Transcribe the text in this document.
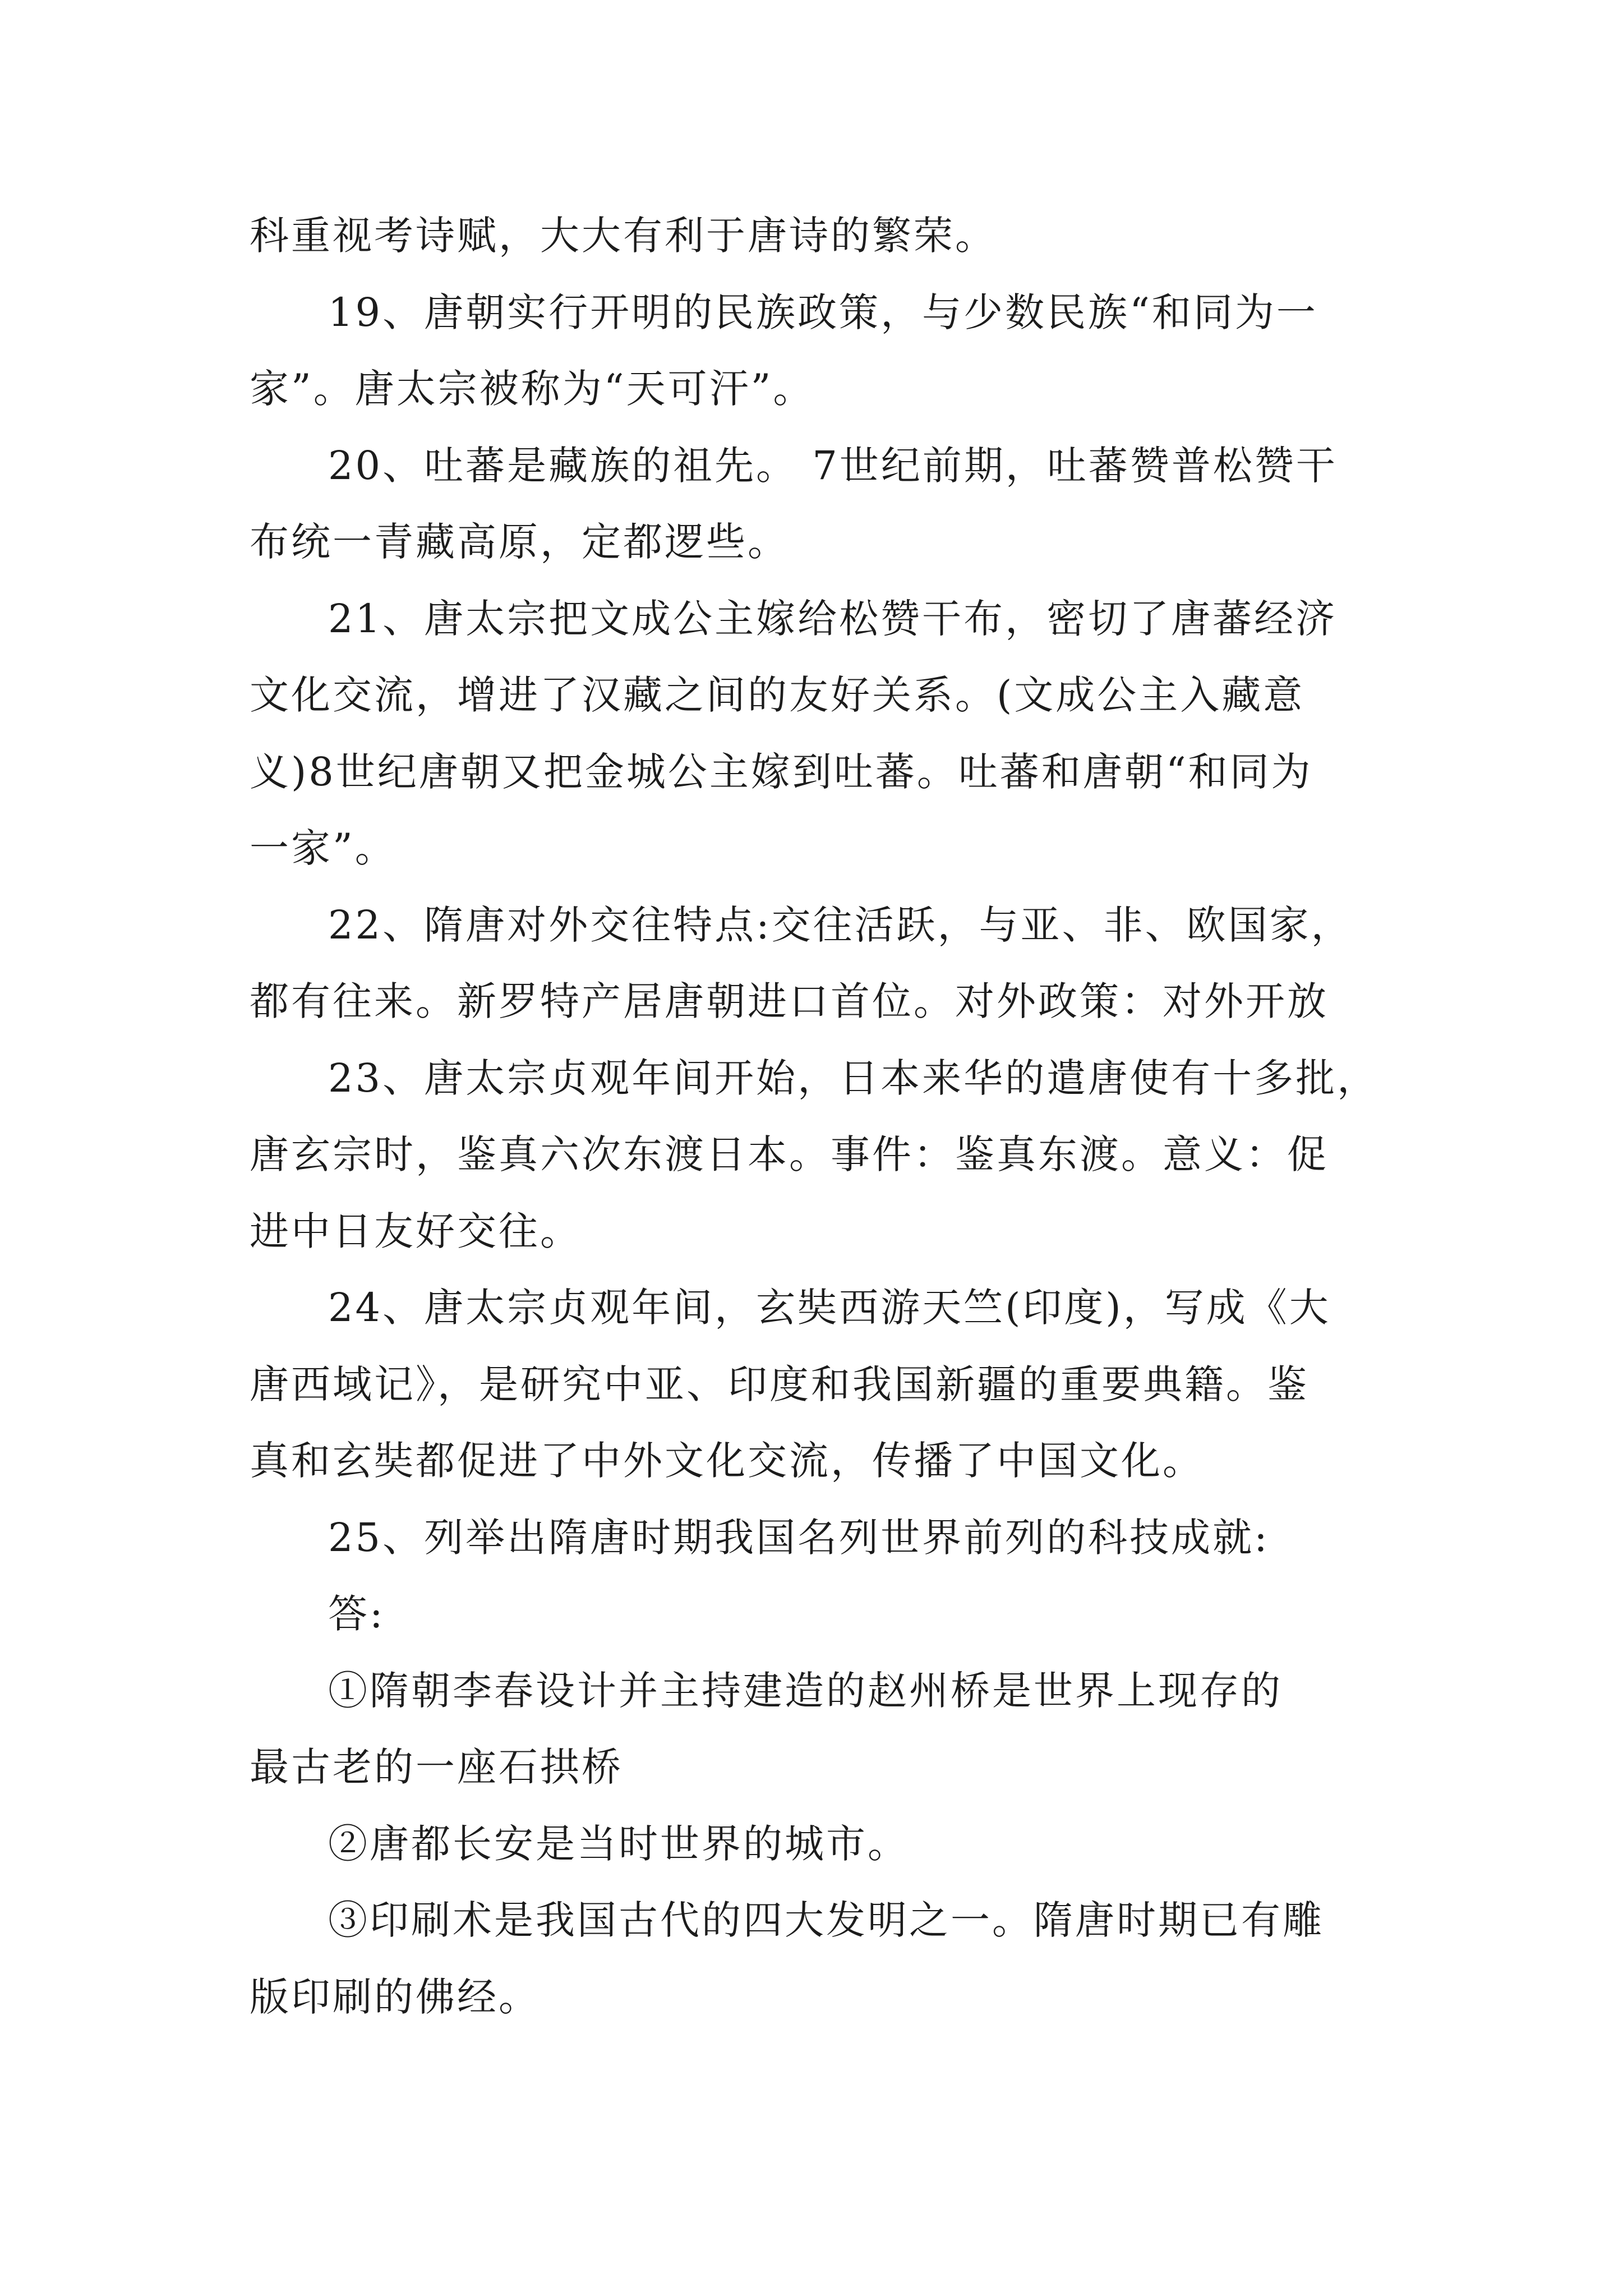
科重视考诗赋，大大有利于唐诗的繁荣。
19、唐朝实行开明的民族政策，与少数民族“和同为一
家”。唐太宗被称为“天可汗”。
20、吐蕃是藏族的祖先。 7世纪前期，吐蕃赞普松赞干
布统一青藏高原，定都逻些。
21、唐太宗把文成公主嫁给松赞干布，密切了唐蕃经济
文化交流，增进了汉藏之间的友好关系。(文成公主入藏意
义)8世纪唐朝又把金城公主嫁到吐蕃。吐蕃和唐朝“和同为
一家”。
22、隋唐对外交往特点:交往活跃，与亚、非、欧国家，
都有往来。新罗特产居唐朝进口首位。对外政策：对外开放
23、唐太宗贞观年间开始，日本来华的遣唐使有十多批，
唐玄宗时，鉴真六次东渡日本。事件：鉴真东渡。意义：促
进中日友好交往。
24、唐太宗贞观年间，玄奘西游天竺(印度)，写成《大
唐西域记》，是研究中亚、印度和我国新疆的重要典籍。鉴
真和玄奘都促进了中外文化交流，传播了中国文化。
25、列举出隋唐时期我国名列世界前列的科技成就:
答:
①隋朝李春设计并主持建造的赵州桥是世界上现存的
最古老的一座石拱桥
②唐都长安是当时世界的城市。
③印刷术是我国古代的四大发明之一。隋唐时期已有雕
版印刷的佛经。
